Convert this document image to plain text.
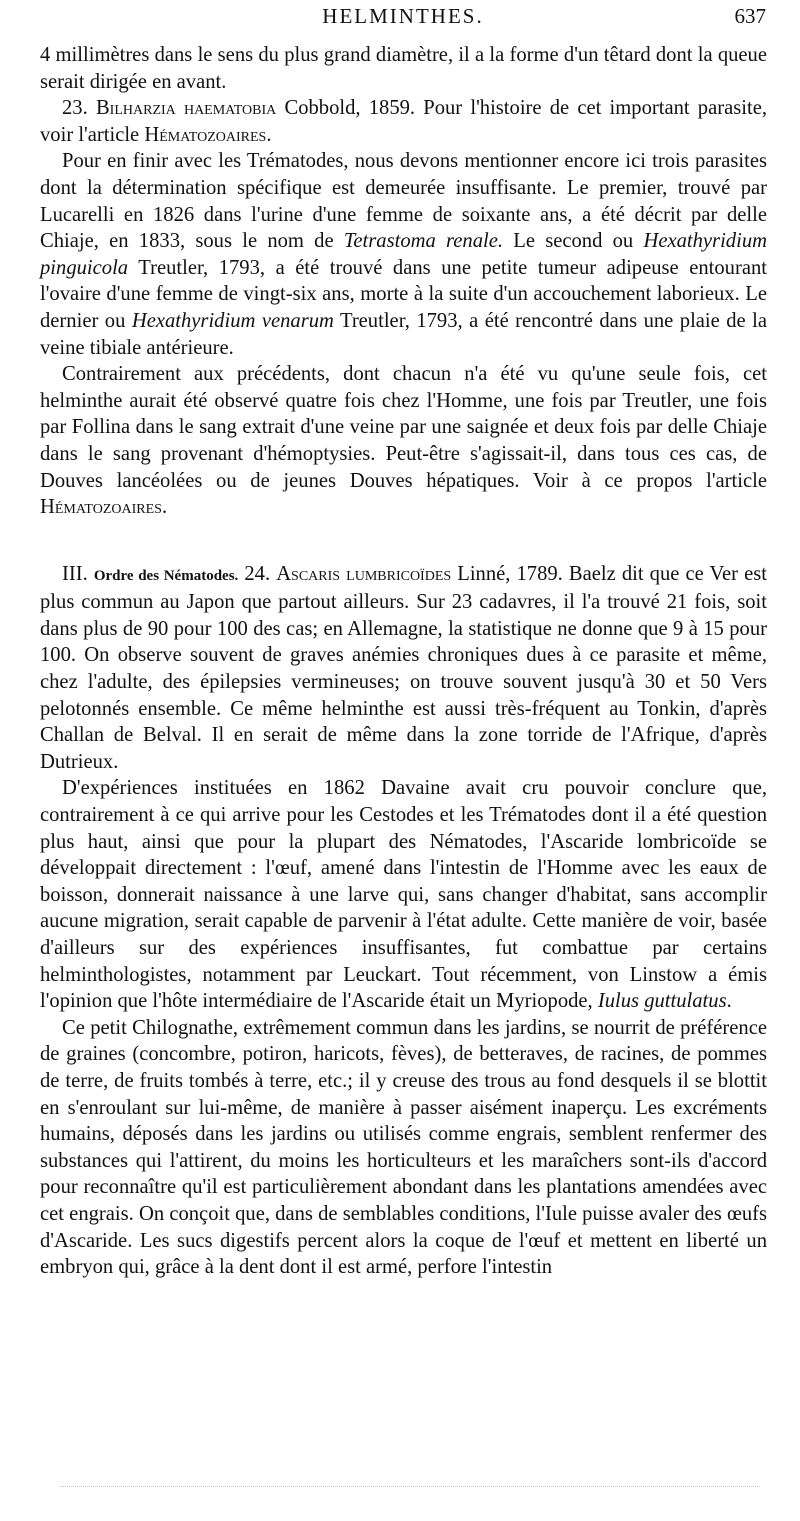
HELMINTHES.	637

4 millimètres dans le sens du plus grand diamètre, il a la forme d'un têtard dont la queue serait dirigée en avant.

23. Bilharzia haematobia Cobbold, 1859. Pour l'histoire de cet important parasite, voir l'article Hématozoaires.

Pour en finir avec les Trématodes, nous devons mentionner encore ici trois parasites dont la détermination spécifique est demeurée insuffisante. Le premier, trouvé par Lucarelli en 1826 dans l'urine d'une femme de soixante ans, a été décrit par delle Chiaje, en 1833, sous le nom de Tetrastoma renale. Le second ou Hexathyridium pinguicola Treutler, 1793, a été trouvé dans une petite tumeur adipeuse entourant l'ovaire d'une femme de vingt-six ans, morte à la suite d'un accouchement laborieux. Le dernier ou Hexathyridium venarum Treutler, 1793, a été rencontré dans une plaie de la veine tibiale antérieure.

Contrairement aux précédents, dont chacun n'a été vu qu'une seule fois, cet helminthe aurait été observé quatre fois chez l'Homme, une fois par Treutler, une fois par Follina dans le sang extrait d'une veine par une saignée et deux fois par delle Chiaje dans le sang provenant d'hémoptysies. Peut-être s'agissait-il, dans tous ces cas, de Douves lancéolées ou de jeunes Douves hépatiques. Voir à ce propos l'article Hématozoaires.

III. Ordre des Nématodes. 24. Ascaris lumbricoïdes Linné, 1789. Baelz dit que ce Ver est plus commun au Japon que partout ailleurs. Sur 23 cadavres, il l'a trouvé 21 fois, soit dans plus de 90 pour 100 des cas; en Allemagne, la statistique ne donne que 9 à 15 pour 100. On observe souvent de graves anémies chroniques dues à ce parasite et même, chez l'adulte, des épilepsies vermineuses; on trouve souvent jusqu'à 30 et 50 Vers pelotonnés ensemble. Ce même helminthe est aussi très-fréquent au Tonkin, d'après Challan de Belval. Il en serait de même dans la zone torride de l'Afrique, d'après Dutrieux.

D'expériences instituées en 1862 Davaine avait cru pouvoir conclure que, contrairement à ce qui arrive pour les Cestodes et les Trématodes dont il a été question plus haut, ainsi que pour la plupart des Nématodes, l'Ascaride lombricoïde se développait directement : l'œuf, amené dans l'intestin de l'Homme avec les eaux de boisson, donnerait naissance à une larve qui, sans changer d'habitat, sans accomplir aucune migration, serait capable de parvenir à l'état adulte. Cette manière de voir, basée d'ailleurs sur des expériences insuffisantes, fut combattue par certains helminthologistes, notamment par Leuckart. Tout récemment, von Linstow a émis l'opinion que l'hôte intermédiaire de l'Ascaride était un Myriopode, Iulus guttulatus.

Ce petit Chilognathe, extrêmement commun dans les jardins, se nourrit de préférence de graines (concombre, potiron, haricots, fèves), de betteraves, de racines, de pommes de terre, de fruits tombés à terre, etc.; il y creuse des trous au fond desquels il se blottit en s'enroulant sur lui-même, de manière à passer aisément inaperçu. Les excréments humains, déposés dans les jardins ou utilisés comme engrais, semblent renfermer des substances qui l'attirent, du moins les horticulteurs et les maraîchers sont-ils d'accord pour reconnaître qu'il est particulièrement abondant dans les plantations amendées avec cet engrais. On conçoit que, dans de semblables conditions, l'Iule puisse avaler des œufs d'Ascaride. Les sucs digestifs percent alors la coque de l'œuf et mettent en liberté un embryon qui, grâce à la dent dont il est armé, perfore l'intestin
